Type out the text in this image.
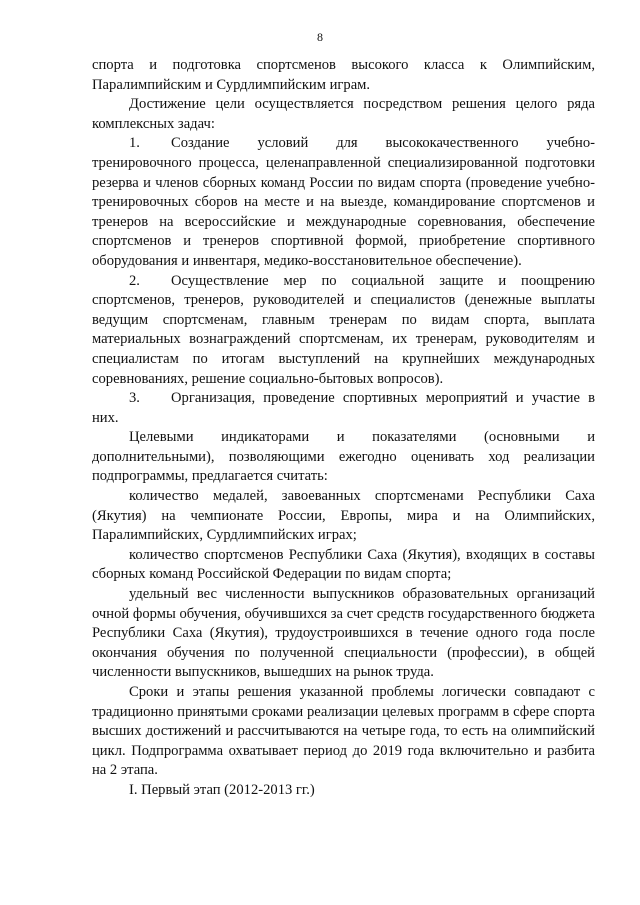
8

спорта и подготовка спортсменов высокого класса к Олимпийским, Паралимпийским и Сурдлимпийским играм.

Достижение цели осуществляется посредством решения целого ряда комплексных задач:

1. Создание условий для высококачественного учебно-тренировочного процесса, целенаправленной специализированной подготовки резерва и членов сборных команд России по видам спорта (проведение учебно-тренировочных сборов на месте и на выезде, командирование спортсменов и тренеров на всероссийские и международные соревнования, обеспечение спортсменов и тренеров спортивной формой, приобретение спортивного оборудования и инвентаря, медико-восстановительное обеспечение).

2. Осуществление мер по социальной защите и поощрению спортсменов, тренеров, руководителей и специалистов (денежные выплаты ведущим спортсменам, главным тренерам по видам спорта, выплата материальных вознаграждений спортсменам, их тренерам, руководителям и специалистам по итогам выступлений на крупнейших международных соревнованиях, решение социально-бытовых вопросов).

3. Организация, проведение спортивных мероприятий и участие в них.

Целевыми индикаторами и показателями (основными и дополнительными), позволяющими ежегодно оценивать ход реализации подпрограммы, предлагается считать:

количество медалей, завоеванных спортсменами Республики Саха (Якутия) на чемпионате России, Европы, мира и на Олимпийских, Паралимпийских, Сурдлимпийских играх;

количество спортсменов Республики Саха (Якутия), входящих в составы сборных команд Российской Федерации по видам спорта;

удельный вес численности выпускников образовательных организаций очной формы обучения, обучившихся за счет средств государственного бюджета Республики Саха (Якутия), трудоустроившихся в течение одного года после окончания обучения по полученной специальности (профессии), в общей численности выпускников, вышедших на рынок труда.

Сроки и этапы решения указанной проблемы логически совпадают с традиционно принятыми сроками реализации целевых программ в сфере спорта высших достижений и рассчитываются на четыре года, то есть на олимпийский цикл. Подпрограмма охватывает период до 2019 года включительно и разбита на 2 этапа.

I. Первый этап (2012-2013 гг.)
